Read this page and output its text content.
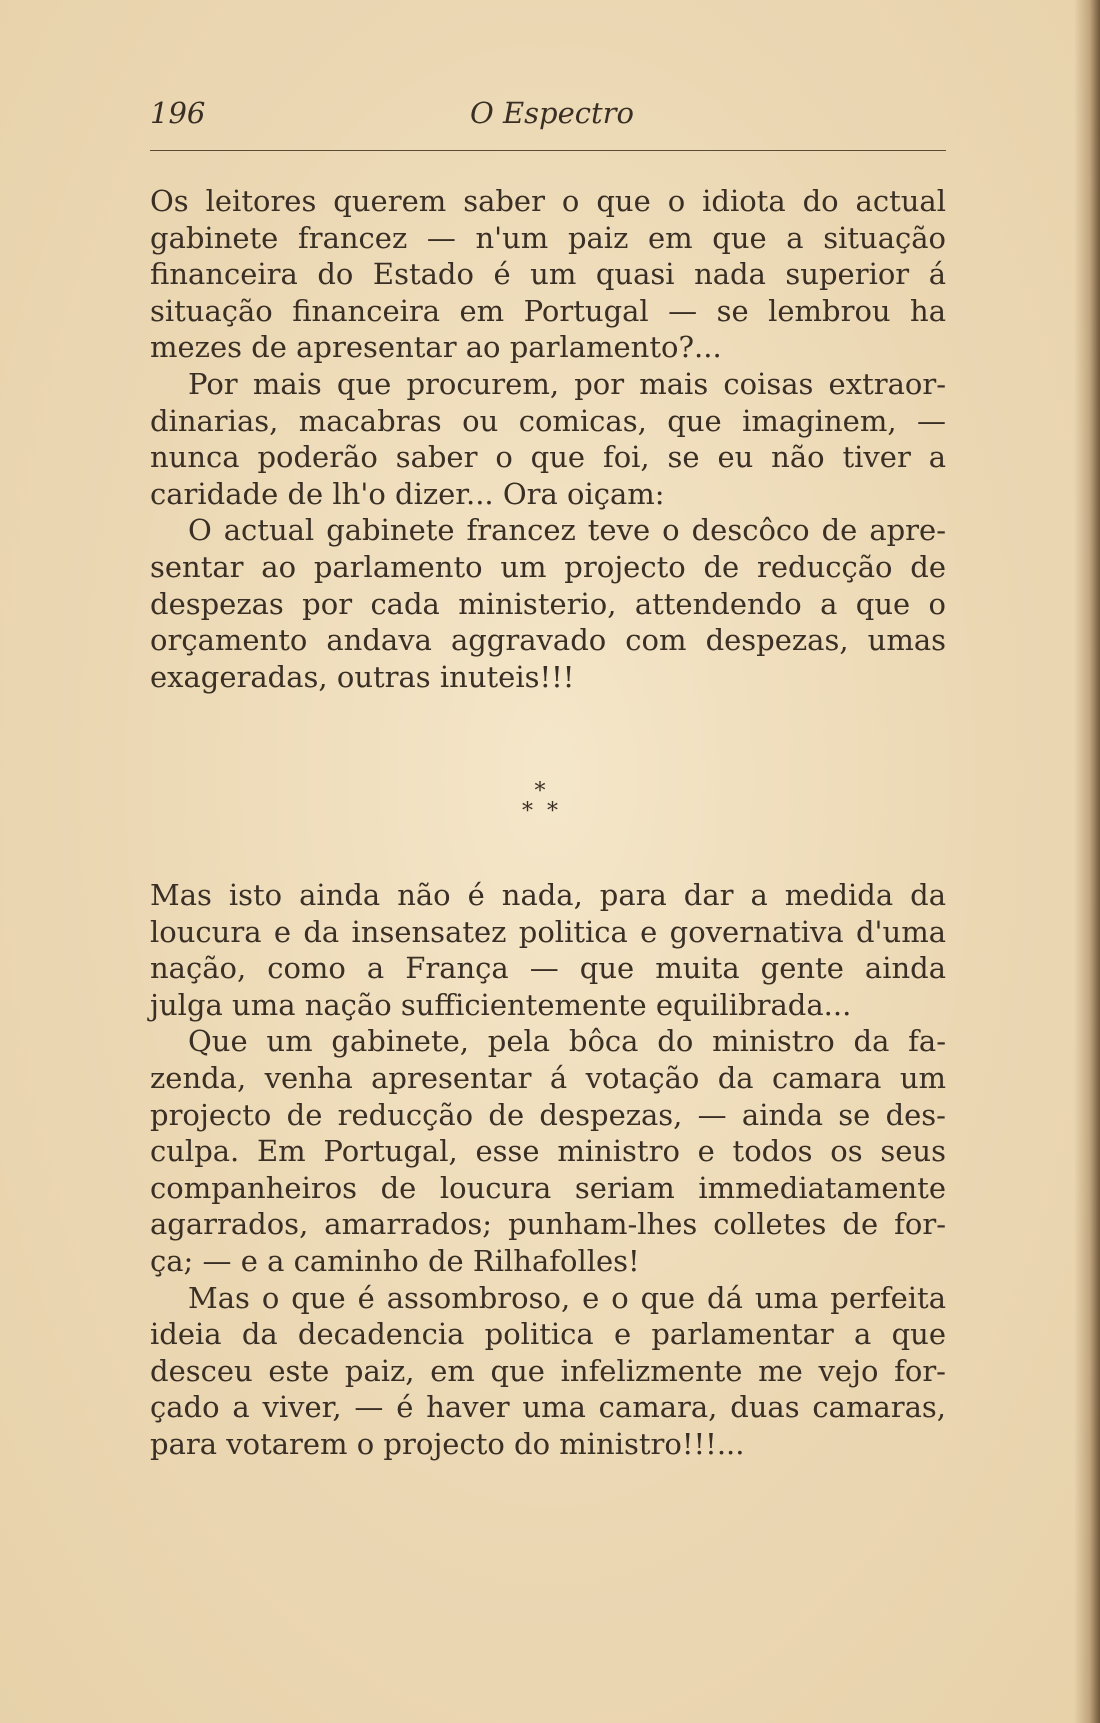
196	O Espectro
Os leitores querem saber o que o idiota do actual
gabinete francez — n'um paiz em que a situação
financeira do Estado é um quasi nada superior á
situação financeira em Portugal — se lembrou ha
mezes de apresentar ao parlamento?...
Por mais que procurem, por mais coisas extraor-
dinarias, macabras ou comicas, que imaginem, —
nunca poderão saber o que foi, se eu não tiver a
caridade de lh'o dizer... Ora oiçam:
O actual gabinete francez teve o descôco de apre-
sentar ao parlamento um projecto de reducção de
despezas por cada ministerio, attendendo a que o
orçamento andava aggravado com despezas, umas
exageradas, outras inuteis!!!
*
*  *
Mas isto ainda não é nada, para dar a medida da
loucura e da insensatez politica e governativa d'uma
nação, como a França — que muita gente ainda
julga uma nação sufficientemente equilibrada...
Que um gabinete, pela bôca do ministro da fa-
zenda, venha apresentar á votação da camara um
projecto de reducção de despezas, — ainda se des-
culpa. Em Portugal, esse ministro e todos os seus
companheiros de loucura seriam immediatamente
agarrados, amarrados; punham-lhes colletes de for-
ça; — e a caminho de Rilhafolles!
Mas o que é assombroso, e o que dá uma perfeita
ideia da decadencia politica e parlamentar a que
desceu este paiz, em que infelizmente me vejo for-
çado a viver, — é haver uma camara, duas camaras,
para votarem o projecto do ministro!!!...
